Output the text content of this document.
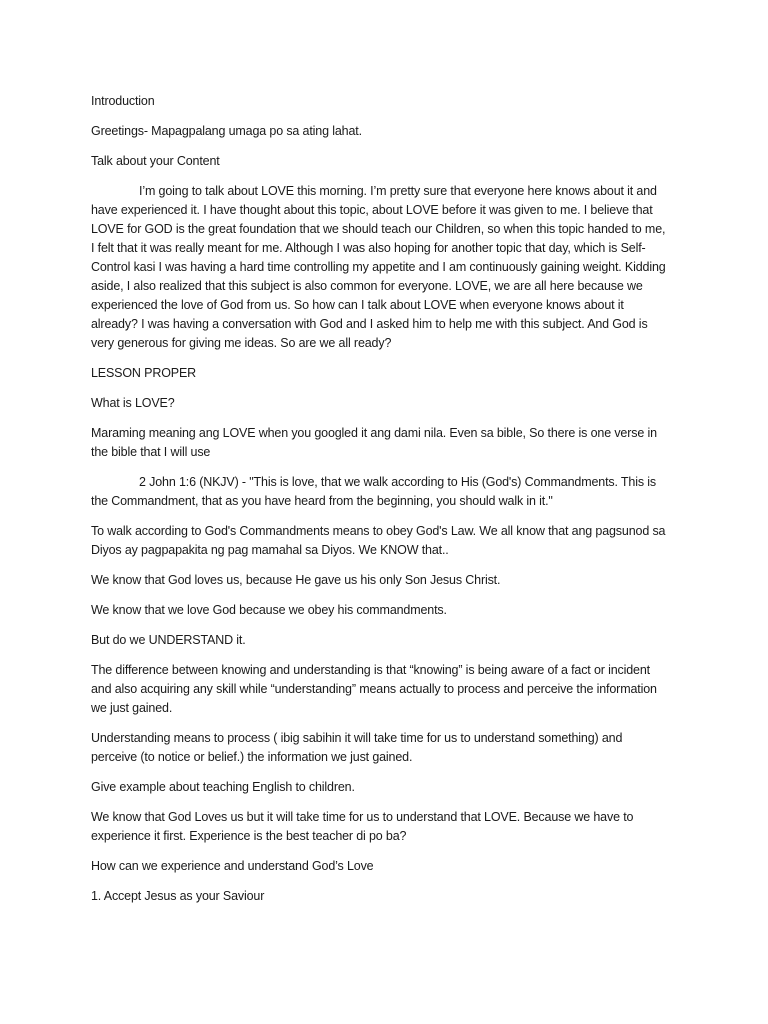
Introduction

Greetings- Mapagpalang umaga po sa ating lahat.

Talk about your Content

I’m going to talk about LOVE this morning. I’m pretty sure that everyone here knows about it and have experienced it. I have thought about this topic, about LOVE before it was given to me. I believe that LOVE for GOD is the great foundation that we should teach our Children, so when this topic handed to me, I felt that it was really meant for me. Although I was also hoping for another topic that day, which is Self-Control kasi I was having a hard time controlling my appetite and I am continuously gaining weight. Kidding aside, I also realized that this subject is also common for everyone. LOVE, we are all here because we experienced the love of God from us. So how can I talk about LOVE when everyone knows about it already? I was having a conversation with God and I asked him to help me with this subject. And God is very generous for giving me ideas. So are we all ready?

LESSON PROPER

What is LOVE?

Maraming meaning ang LOVE when you googled it ang dami nila. Even sa bible, So there is one verse in the bible that I will use

2 John 1:6 (NKJV) - "This is love, that we walk according to His (God's) Commandments. This is the Commandment, that as you have heard from the beginning, you should walk in it."

To walk according to God's Commandments means to obey God's Law. We all know that ang pagsunod sa Diyos ay pagpapakita ng pag mamahal sa Diyos. We KNOW that..

We know that God loves us, because He gave us his only Son Jesus Christ.

We know that we love God because we obey his commandments.

But do we UNDERSTAND it.

The difference between knowing and understanding is that “knowing” is being aware of a fact or incident and also acquiring any skill while “understanding” means actually to process and perceive the information we just gained.

Understanding means to process ( ibig sabihin it will take time for us to understand something) and perceive (to notice or belief.) the information we just gained.

Give example about teaching English to children.

We know that God Loves us but it will take time for us to understand that LOVE. Because we have to experience it first. Experience is the best teacher di po ba?

How can we experience and understand God’s Love

1. Accept Jesus as your Saviour
